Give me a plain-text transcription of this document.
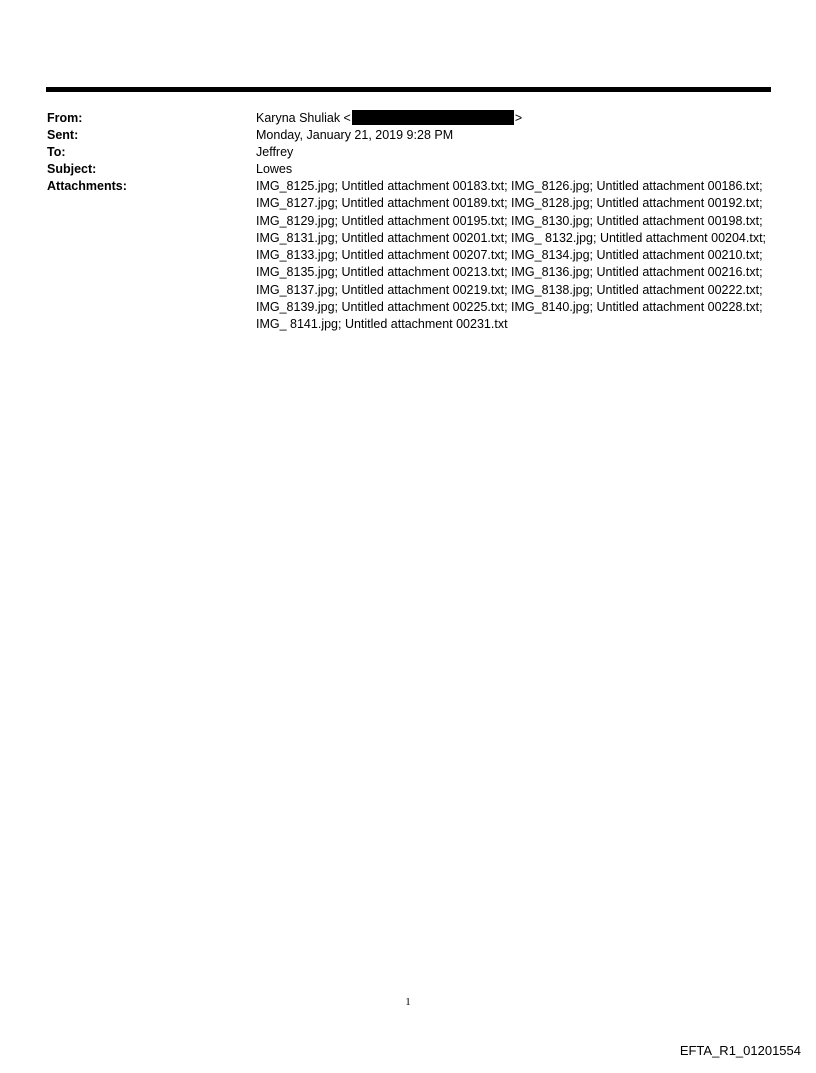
From:	Karyna Shuliak <	>
Sent:	Monday, January 21, 2019 9:28 PM
To:	Jeffrey
Subject:	Lowes
Attachments:	IMG_8125.jpg; Untitled attachment 00183.txt; IMG_8126.jpg; Untitled attachment 00186.txt; IMG_8127.jpg; Untitled attachment 00189.txt; IMG_8128.jpg; Untitled attachment 00192.txt; IMG_8129.jpg; Untitled attachment 00195.txt; IMG_8130.jpg; Untitled attachment 00198.txt; IMG_8131.jpg; Untitled attachment 00201.txt; IMG_ 8132.jpg; Untitled attachment 00204.txt; IMG_8133.jpg; Untitled attachment 00207.txt; IMG_8134.jpg; Untitled attachment 00210.txt; IMG_8135.jpg; Untitled attachment 00213.txt; IMG_8136.jpg; Untitled attachment 00216.txt; IMG_8137.jpg; Untitled attachment 00219.txt; IMG_8138.jpg; Untitled attachment 00222.txt; IMG_8139.jpg; Untitled attachment 00225.txt; IMG_8140.jpg; Untitled attachment 00228.txt; IMG_ 8141.jpg; Untitled attachment 00231.txt
1
EFTA_R1_01201554
